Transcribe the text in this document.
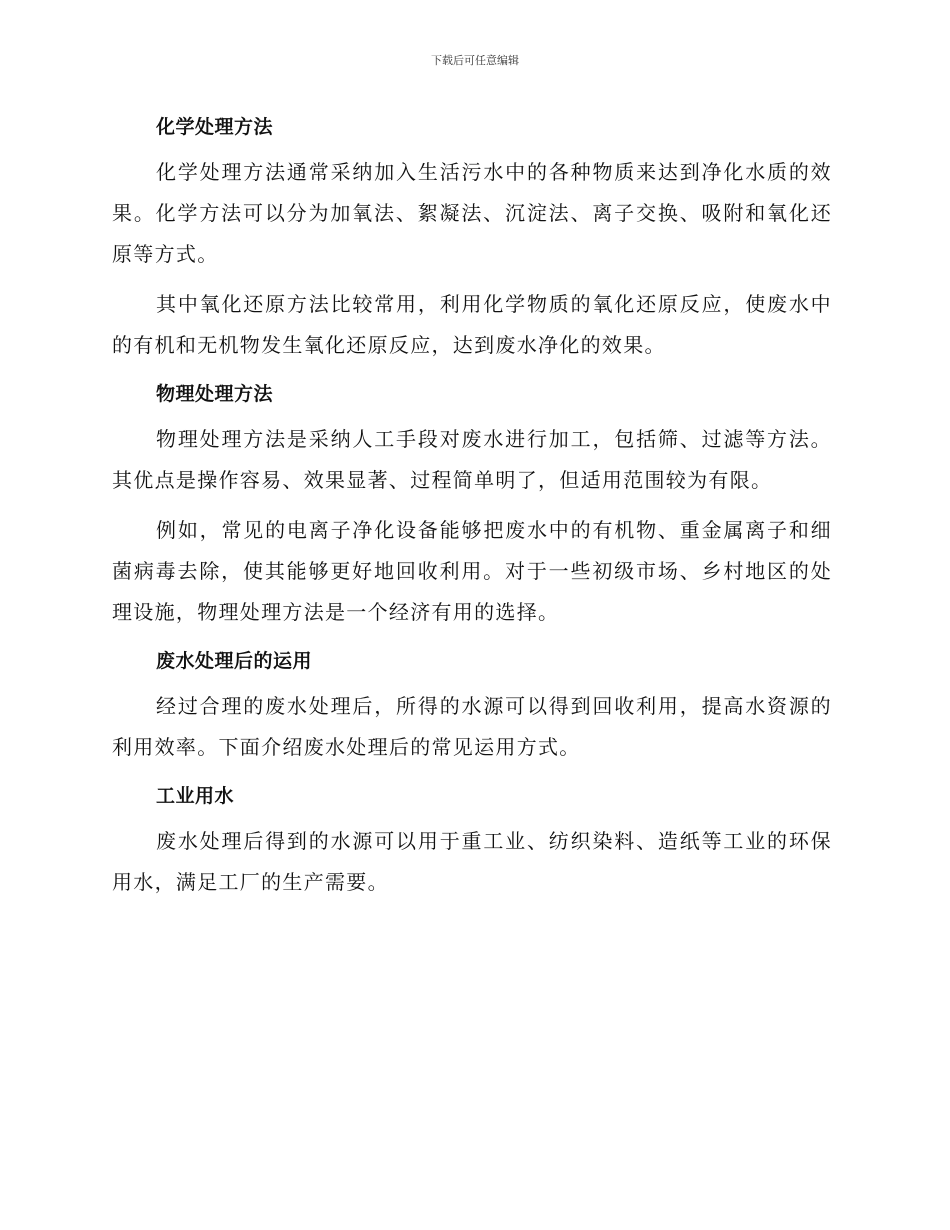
下载后可任意编辑
化学处理方法

化学处理方法通常采纳加入生活污水中的各种物质来达到净化水质的效果。化学方法可以分为加氧法、絮凝法、沉淀法、离子交换、吸附和氧化还原等方式。

其中氧化还原方法比较常用，利用化学物质的氧化还原反应，使废水中的有机和无机物发生氧化还原反应，达到废水净化的效果。

物理处理方法

物理处理方法是采纳人工手段对废水进行加工，包括筛、过滤等方法。其优点是操作容易、效果显著、过程简单明了，但适用范围较为有限。

例如，常见的电离子净化设备能够把废水中的有机物、重金属离子和细菌病毒去除，使其能够更好地回收利用。对于一些初级市场、乡村地区的处理设施，物理处理方法是一个经济有用的选择。

废水处理后的运用

经过合理的废水处理后，所得的水源可以得到回收利用，提高水资源的利用效率。下面介绍废水处理后的常见运用方式。

工业用水

废水处理后得到的水源可以用于重工业、纺织染料、造纸等工业的环保用水，满足工厂的生产需要。
